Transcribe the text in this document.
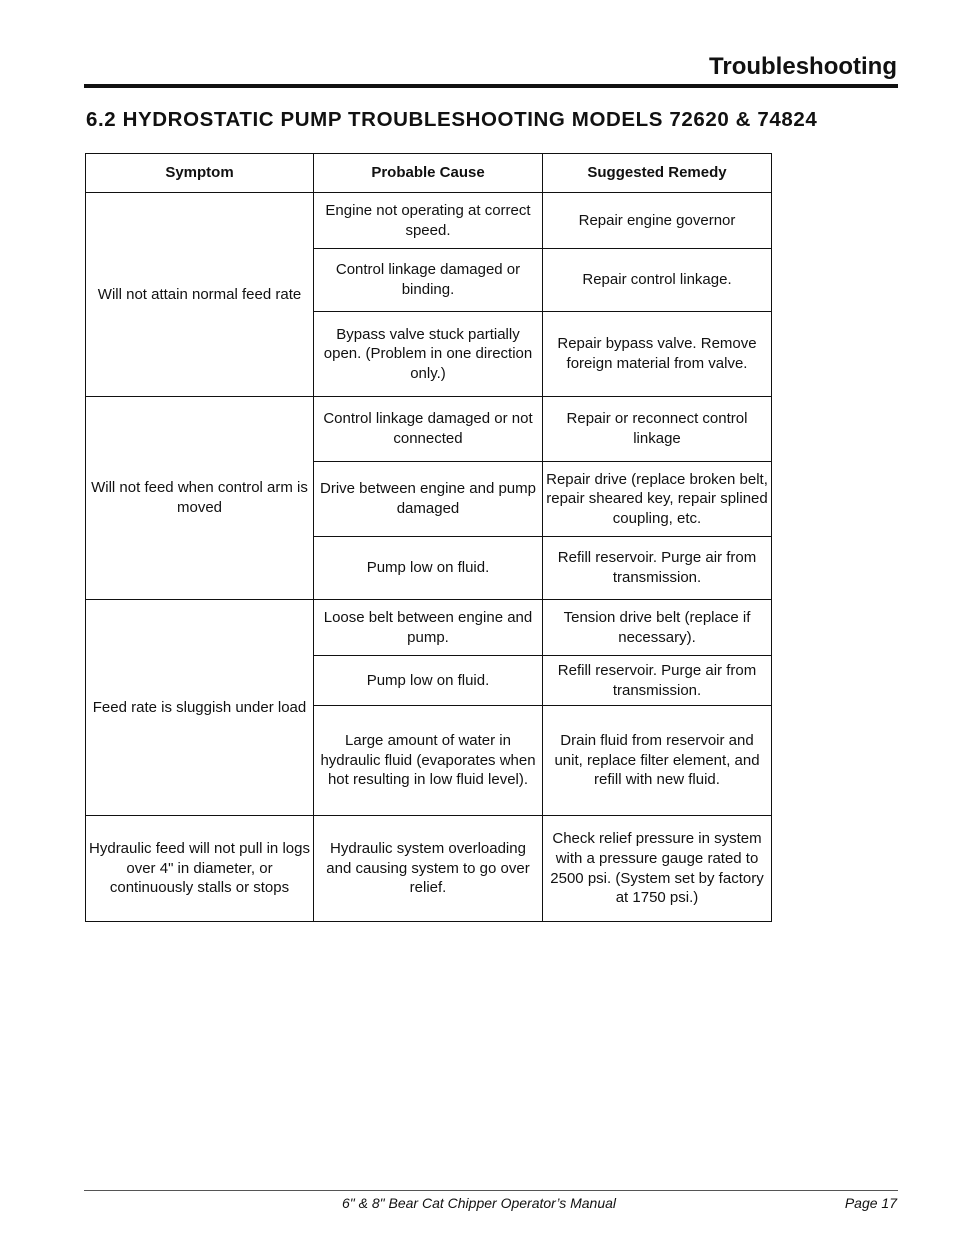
Troubleshooting
6.2 HYDROSTATIC PUMP TROUBLESHOOTING MODELS 72620 & 74824
Symptom	Probable Cause	Suggested Remedy
Will not attain normal feed rate	Engine not operating at correct speed.	Repair engine governor
	Control linkage damaged or binding.	Repair control linkage.
	Bypass valve stuck partially open. (Problem in one direction only.)	Repair bypass valve. Remove foreign material from valve.
Will not feed when control arm is moved	Control linkage damaged or not connected	Repair or reconnect control linkage
	Drive between engine and pump damaged	Repair drive (replace broken belt, repair sheared key, repair splined coupling, etc.
	Pump low on fluid.	Refill reservoir. Purge air from transmission.
Feed rate is sluggish under load	Loose belt between engine and pump.	Tension drive belt (replace if necessary).
	Pump low on fluid.	Refill reservoir. Purge air from transmission.
	Large amount of water in hydraulic fluid (evaporates when hot resulting in low fluid level).	Drain fluid from reservoir and unit, replace filter element, and refill with new fluid.
Hydraulic feed will not pull in logs over 4" in diameter, or continuously stalls or stops	Hydraulic system overloading and causing system to go over relief.	Check relief pressure in system with a pressure gauge rated to 2500 psi. (System set by factory at 1750 psi.)
6" & 8" Bear Cat Chipper Operator’s Manual	Page 17
